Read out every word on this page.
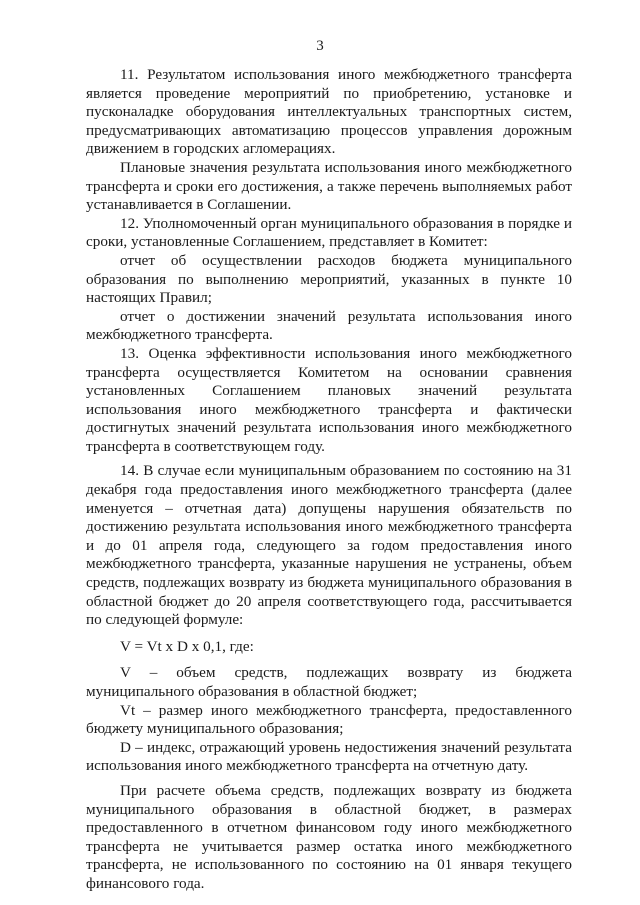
3

11. Результатом использования иного межбюджетного трансферта является проведение мероприятий по приобретению, установке и пусконаладке оборудования интеллектуальных транспортных систем, предусматривающих автоматизацию процессов управления дорожным движением в городских агломерациях.

Плановые значения результата использования иного межбюджетного трансферта и сроки его достижения, а также перечень выполняемых работ устанавливается в Соглашении.

12. Уполномоченный орган муниципального образования в порядке и сроки, установленные Соглашением, представляет в Комитет:

отчет об осуществлении расходов бюджета муниципального образования по выполнению мероприятий, указанных в пункте 10 настоящих Правил;

отчет о достижении значений результата использования иного межбюджетного трансферта.

13. Оценка эффективности использования иного межбюджетного трансферта осуществляется Комитетом на основании сравнения установленных Соглашением плановых значений результата использования иного межбюджетного трансферта и фактически достигнутых значений результата использования иного межбюджетного трансферта в соответствующем году.

14. В случае если муниципальным образованием по состоянию на 31 декабря года предоставления иного межбюджетного трансферта (далее именуется – отчетная дата) допущены нарушения обязательств по достижению результата использования иного межбюджетного трансферта и до 01 апреля года, следующего за годом предоставления иного межбюджетного трансферта, указанные нарушения не устранены, объем средств, подлежащих возврату из бюджета муниципального образования в областной бюджет до 20 апреля соответствующего года, рассчитывается по следующей формуле:

V = Vt x D x 0,1, где:

V – объем средств, подлежащих возврату из бюджета муниципального образования в областной бюджет;

Vt – размер иного межбюджетного трансферта, предоставленного бюджету муниципального образования;

D – индекс, отражающий уровень недостижения значений результата использования иного межбюджетного трансферта на отчетную дату.

При расчете объема средств, подлежащих возврату из бюджета муниципального образования в областной бюджет, в размерах предоставленного в отчетном финансовом году иного межбюджетного трансферта не учитывается размер остатка иного межбюджетного трансферта, не использованного по состоянию на 01 января текущего финансового года.
